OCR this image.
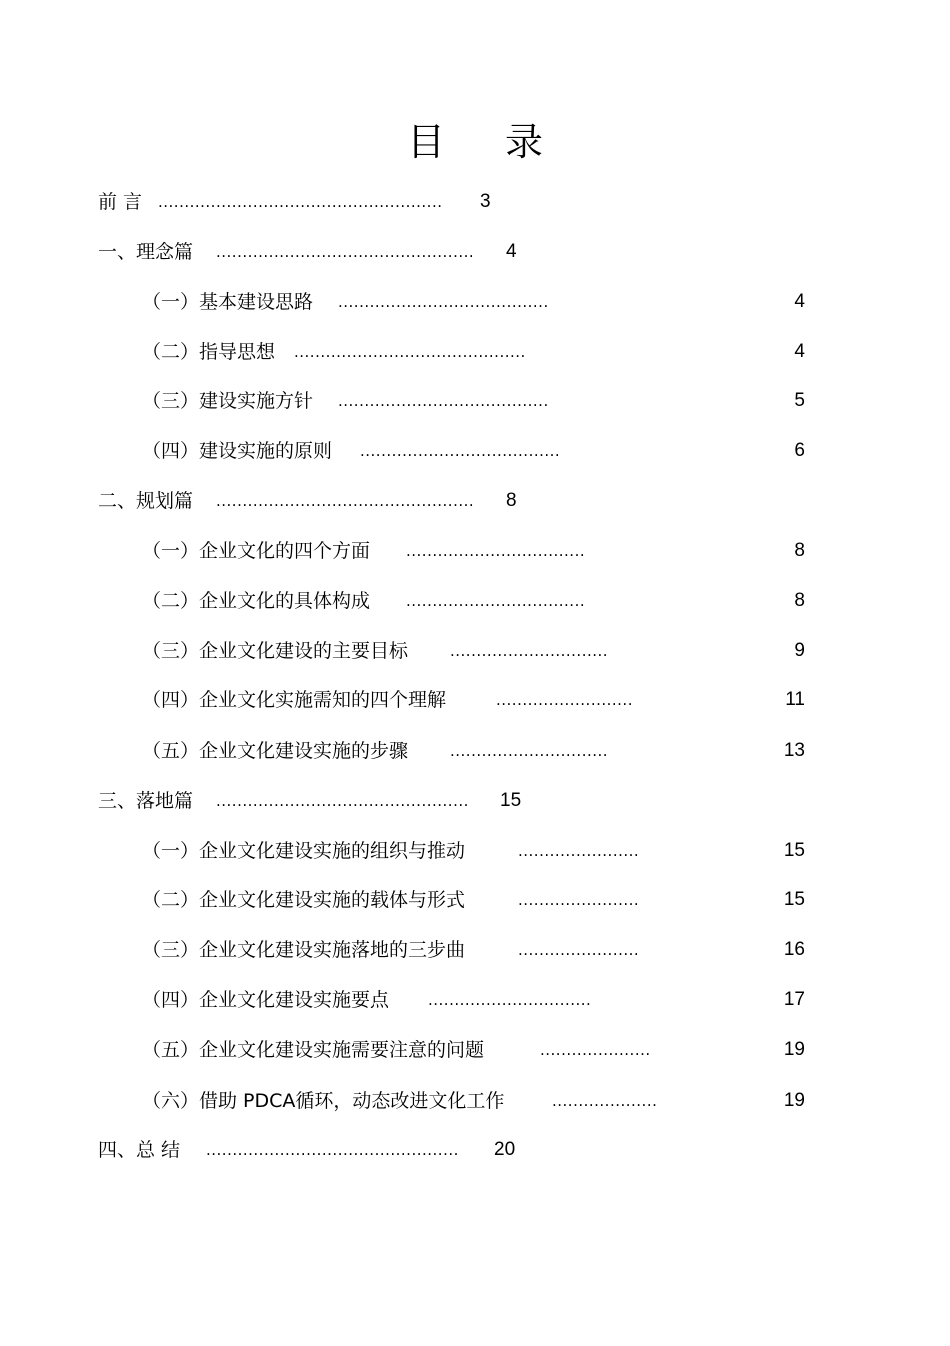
目 录
前 言 ...................................................... 3
一、理念篇 ................................................. 4
（一）基本建设思路 ........................................	4
（二）指导思想 ............................................	4
（三）建设实施方针 ........................................	5
（四）建设实施的原则 ......................................	6
二、规划篇 ................................................. 8
（一）企业文化的四个方面 ..................................	8
（二）企业文化的具体构成 ..................................	8
（三）企业文化建设的主要目标	..............................	9
（四）企业文化实施需知的四个理解	..........................	11
（五）企业文化建设实施的步骤	..............................	13
三、落地篇 ................................................ 15
（一）企业文化建设实施的组织与推动	.......................	15
（二）企业文化建设实施的载体与形式	.......................	15
（三）企业文化建设实施落地的三步曲	.......................	16
（四）企业文化建设实施要点	...............................	17
（五）企业文化建设实施需要注意的问题	.....................	19
（六）借助 PDCA循环，动态改进文化工作	....................	19
四、总 结 ................................................ 20
